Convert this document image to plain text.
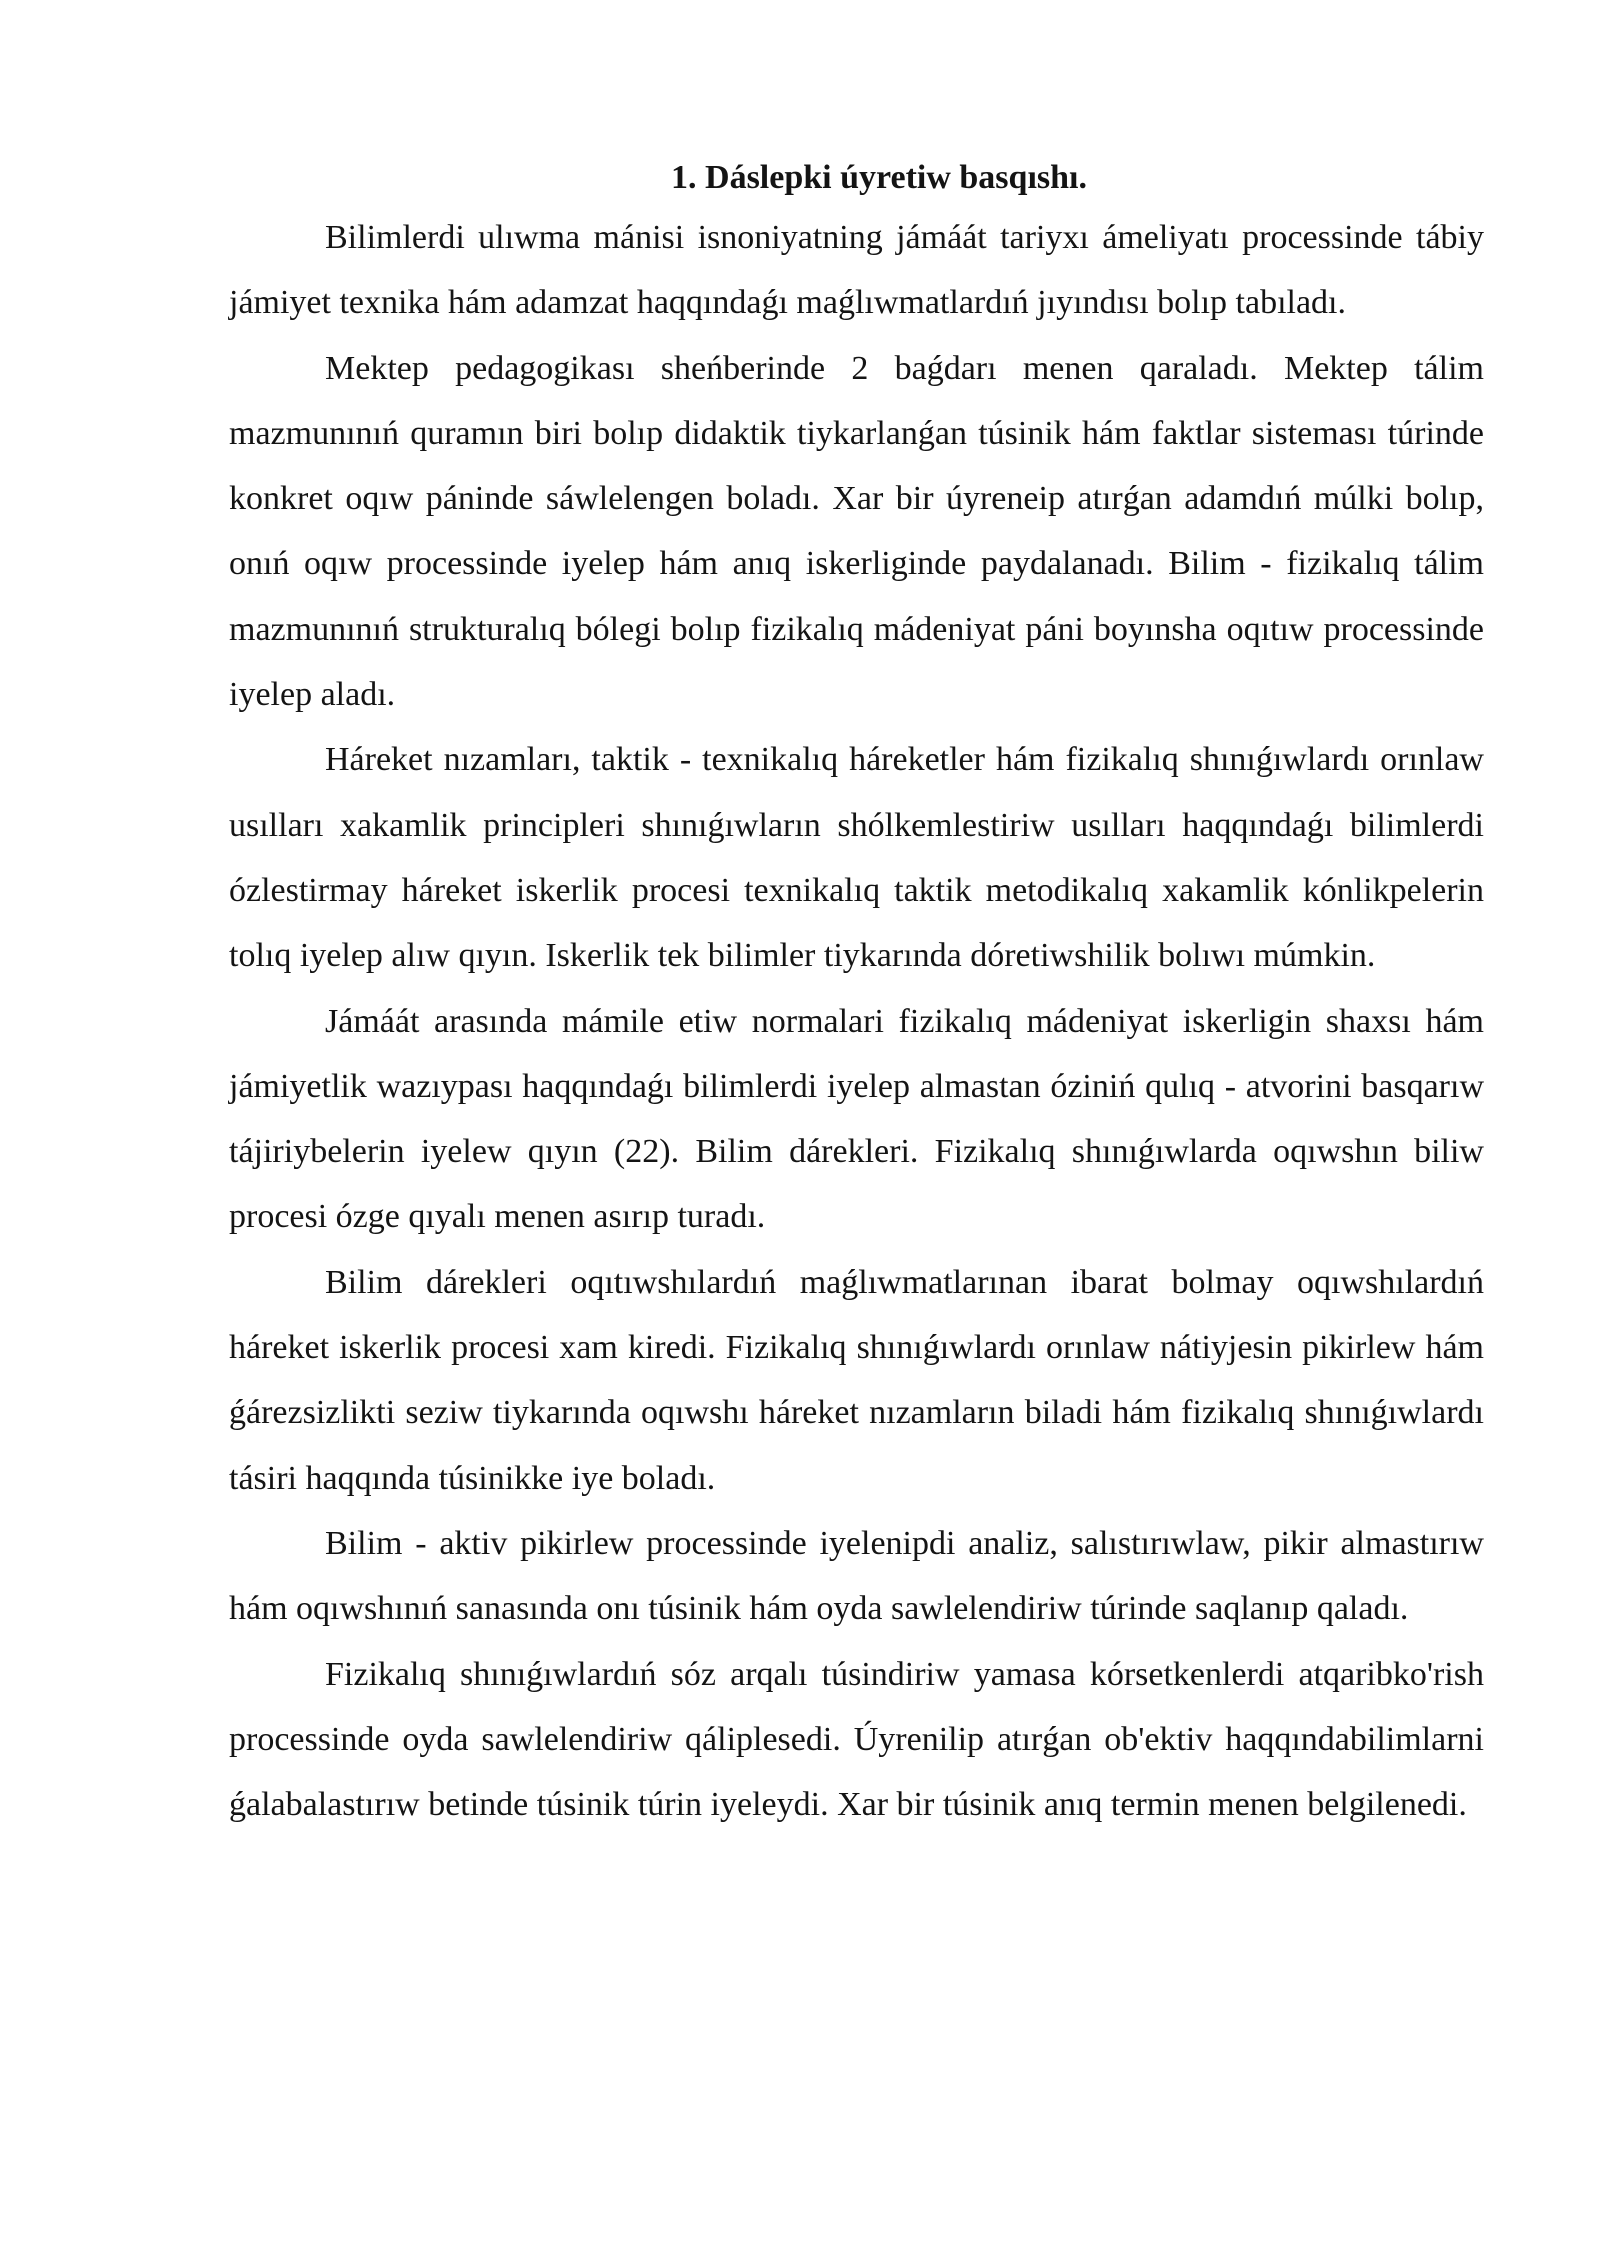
1. Dáslepki úyretiw basqıshı.

Bilimlerdi ulıwma mánisi isnoniyatning jámáát tariyxı ámeliyatı processinde tábiy jámiyet texnika hám adamzat haqqındaǵı maǵlıwmatlardıń jıyındısı bolıp tabıladı.

Mektep pedagogikası sheńberinde 2 baǵdarı menen qaraladı. Mektep tálim mazmunınıń quramın biri bolıp didaktik tiykarlanǵan túsinik hám faktlar sisteması túrinde konkret oqıw páninde sáwlelengen boladı. Xar bir úyreneip atırǵan adamdıń múlki bolıp, onıń oqıw processinde iyelep hám anıq iskerliginde paydalanadı. Bilim - fizikalıq tálim mazmunınıń strukturalıq bólegi bolıp fizikalıq mádeniyat páni boyınsha oqıtıw processinde iyelep aladı.

Háreket nızamları, taktik - texnikalıq háreketler hám fizikalıq shınıǵıwlardı orınlaw usılları xakamlik principleri shınıǵıwların shólkemlestiriw usılları haqqındaǵı bilimlerdi ózlestirmay háreket iskerlik procesi texnikalıq taktik metodikalıq xakamlik kónlikpelerin tolıq iyelep alıw qıyın. Iskerlik tek bilimler tiykarında dóretiwshilik bolıwı múmkin.

Jámáát arasında mámile etiw normalari fizikalıq mádeniyat iskerligin shaxsı hám jámiyetlik wazıypası haqqındaǵı bilimlerdi iyelep almastan óziniń qulıq - atvorini basqarıw tájiriybelerin iyelew qıyın (22). Bilim dárekleri. Fizikalıq shınıǵıwlarda oqıwshın biliw procesi ózge qıyalı menen asırıp turadı.

Bilim dárekleri oqıtıwshılardıń maǵlıwmatlarınan ibarat bolmay oqıwshılardıń háreket iskerlik procesi xam kiredi. Fizikalıq shınıǵıwlardı orınlaw nátiyjesin pikirlew hám ǵárezsizlikti seziw tiykarında oqıwshı háreket nızamların biladi hám fizikalıq shınıǵıwlardı tásiri haqqında túsinikke iye boladı.

Bilim - aktiv pikirlew processinde iyelenipdi analiz, salıstırıwlaw, pikir almastırıw hám oqıwshınıń sanasında onı túsinik hám oyda sawlelendiriw túrinde saqlanıp qaladı.

Fizikalıq shınıǵıwlardıń sóz arqalı túsindiriw yamasa kórsetkenlerdi atqaribko'rish processinde oyda sawlelendiriw qáliplesedi. Úyrenilip atırǵan ob'ektiv haqqındabilimlarni ǵalabalastırıw betinde túsinik túrin iyeleydi. Xar bir túsinik anıq termin menen belgilenedi.
